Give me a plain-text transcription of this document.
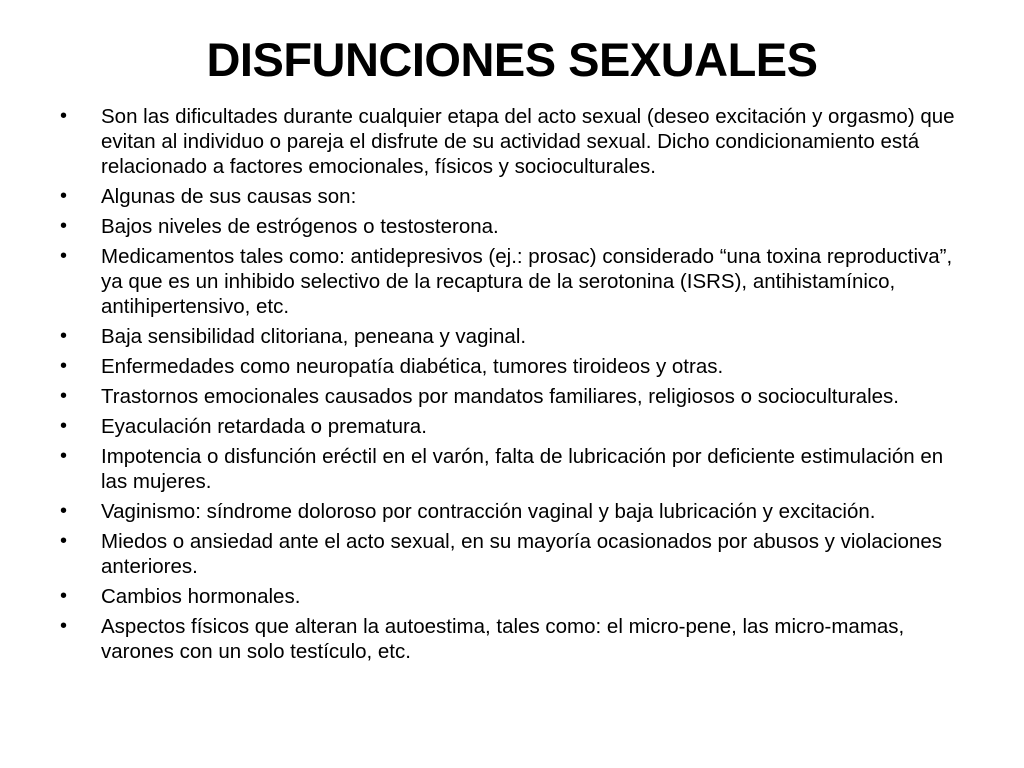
DISFUNCIONES SEXUALES
•	Son las dificultades durante cualquier etapa del acto sexual (deseo excitación y orgasmo) que evitan al individuo o pareja el disfrute de su actividad sexual. Dicho condicionamiento está relacionado a factores emocionales, físicos y socioculturales.
•	Algunas de sus causas son:
•	Bajos niveles de estrógenos o testosterona.
•	Medicamentos tales como: antidepresivos (ej.: prosac) considerado “una toxina reproductiva”, ya que es un inhibido selectivo de la recaptura de la serotonina (ISRS), antihistamínico, antihipertensivo, etc.
•	Baja sensibilidad clitoriana, peneana y vaginal.
•	Enfermedades como neuropatía diabética, tumores tiroideos y otras.
•	Trastornos emocionales causados por mandatos familiares, religiosos o socioculturales.
•	Eyaculación retardada o prematura.
•	Impotencia o disfunción eréctil en el varón, falta de lubricación por deficiente estimulación en las mujeres.
•	Vaginismo: síndrome doloroso por contracción vaginal y baja lubricación y excitación.
•	Miedos o ansiedad ante el acto sexual, en su mayoría ocasionados por abusos y violaciones anteriores.
•	Cambios hormonales.
•	Aspectos físicos que alteran la autoestima, tales como: el micro-pene, las micro-mamas, varones con un solo testículo, etc.
